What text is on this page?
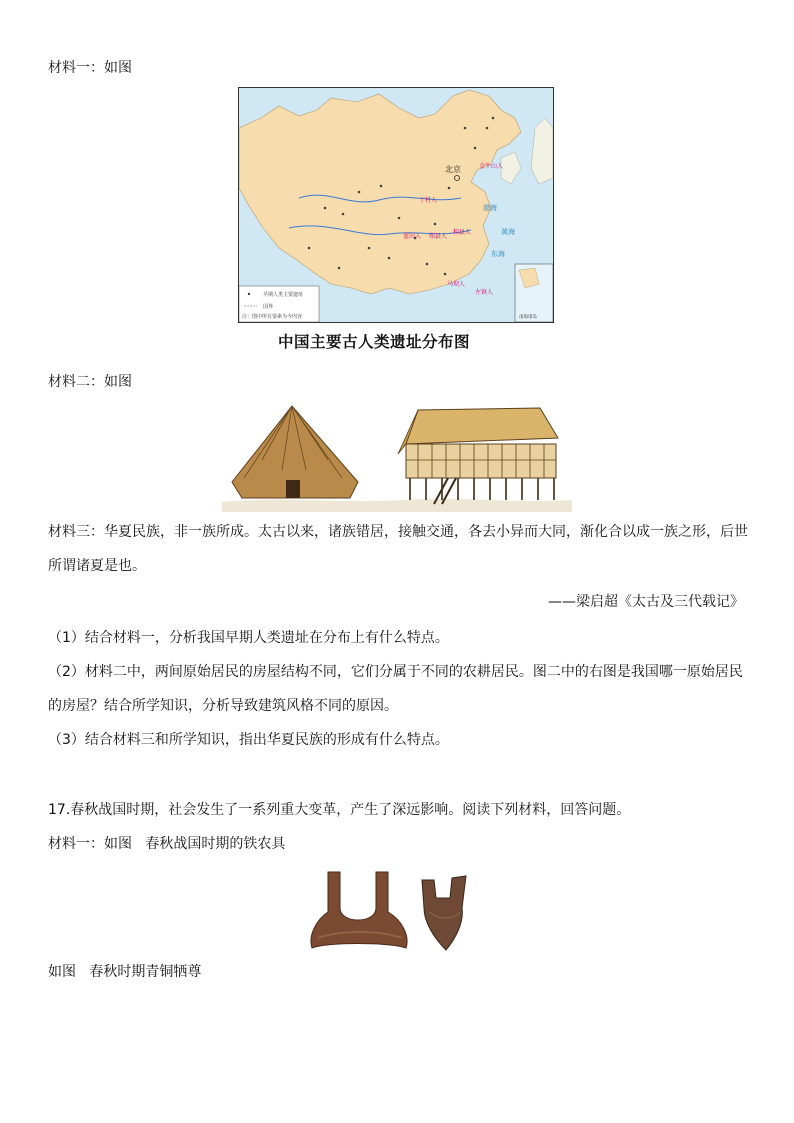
材料一：如图
渤海
黄海
东海
北京	金牛山人
丁村人
蓝田人 郧县人
和县人
马坝人
左镇人
早期人类主要遗址
国界
注：图中所有要素为今内容	南海诸岛
中国主要古人类遗址分布图
材料二：如图
材料三：华夏民族，非一族所成。太古以来，诸族错居，接触交通，各去小异而大同，渐化合以成一族之形，后世
所谓诸夏是也。
——梁启超《太古及三代载记》
（1）结合材料一，分析我国早期人类遗址在分布上有什么特点。
（2）材料二中，两间原始居民的房屋结构不同，它们分属于不同的农耕居民。图二中的右图是我国哪一原始居民
的房屋？结合所学知识，分析导致建筑风格不同的原因。
（3）结合材料三和所学知识，指出华夏民族的形成有什么特点。
17.春秋战国时期，社会发生了一系列重大变革，产生了深远影响。阅读下列材料，回答问题。
材料一：如图   春秋战国时期的铁农具
如图   春秋时期青铜牺尊
